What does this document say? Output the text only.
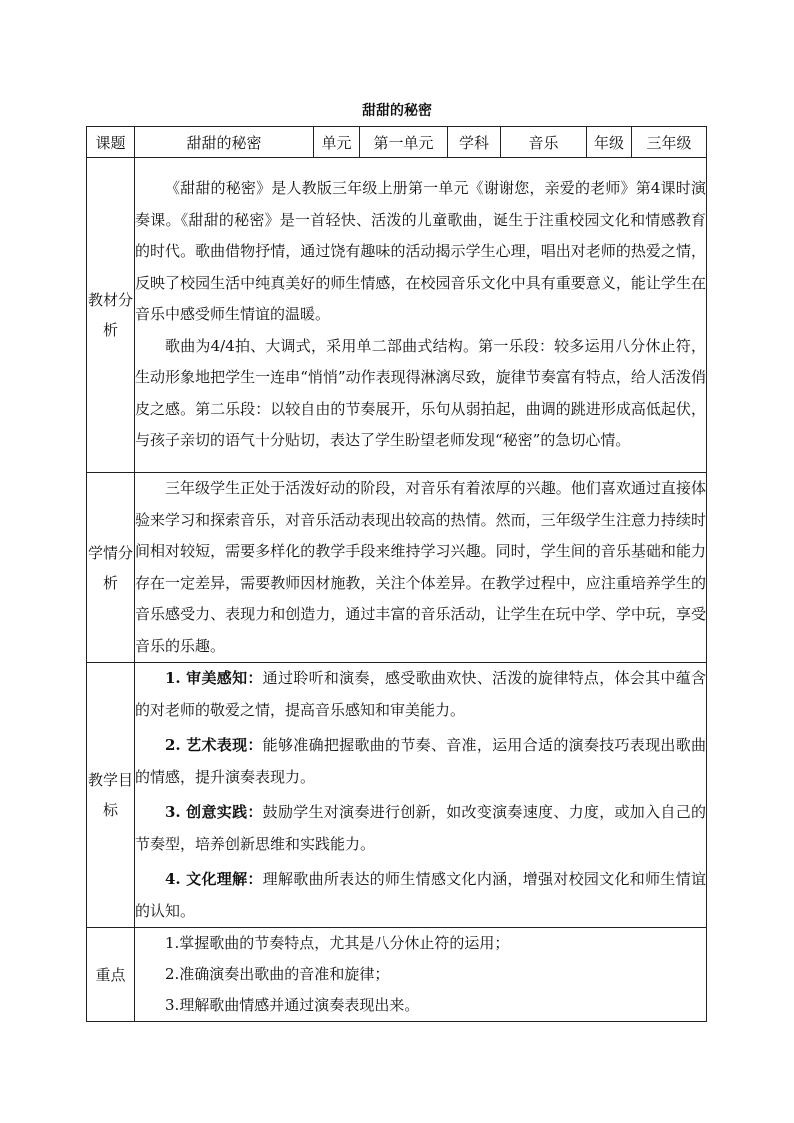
甜甜的秘密
课题	甜甜的秘密	单元	第一单元	学科	音乐	年级	三年级
教材分析	《甜甜的秘密》是人教版三年级上册第一单元《谢谢您，亲爱的老师》第4课时演奏课。《甜甜的秘密》是一首轻快、活泼的儿童歌曲，诞生于注重校园文化和情感教育的时代。歌曲借物抒情，通过饶有趣味的活动揭示学生心理，唱出对老师的热爱之情，反映了校园生活中纯真美好的师生情感，在校园音乐文化中具有重要意义，能让学生在音乐中感受师生情谊的温暖。

歌曲为4/4拍、大调式，采用单二部曲式结构。第一乐段：较多运用八分休止符，生动形象地把学生一连串“悄悄”动作表现得淋漓尽致，旋律节奏富有特点，给人活泼俏皮之感。第二乐段：以较自由的节奏展开，乐句从弱拍起，曲调的跳进形成高低起伏，与孩子亲切的语气十分贴切，表达了学生盼望老师发现“秘密”的急切心情。						

学情分析	三年级学生正处于活泼好动的阶段，对音乐有着浓厚的兴趣。他们喜欢通过直接体验来学习和探索音乐，对音乐活动表现出较高的热情。然而，三年级学生注意力持续时间相对较短，需要多样化的教学手段来维持学习兴趣。同时，学生间的音乐基础和能力存在一定差异，需要教师因材施教，关注个体差异。在教学过程中，应注重培养学生的音乐感受力、表现力和创造力，通过丰富的音乐活动，让学生在玩中学、学中玩，享受音乐的乐趣。						

教学目标	1. 审美感知：通过聆听和演奏，感受歌曲欢快、活泼的旋律特点，体会其中蕴含的对老师的敬爱之情，提高音乐感知和审美能力。

2. 艺术表现：能够准确把握歌曲的节奏、音准，运用合适的演奏技巧表现出歌曲的情感，提升演奏表现力。

3. 创意实践：鼓励学生对演奏进行创新，如改变演奏速度、力度，或加入自己的节奏型，培养创新思维和实践能力。

4. 文化理解：理解歌曲所表达的师生情感文化内涵，增强对校园文化和师生情谊的认知。						

重点	1.掌握歌曲的节奏特点，尤其是八分休止符的运用；

2.准确演奏出歌曲的音准和旋律；

3.理解歌曲情感并通过演奏表现出来。						
